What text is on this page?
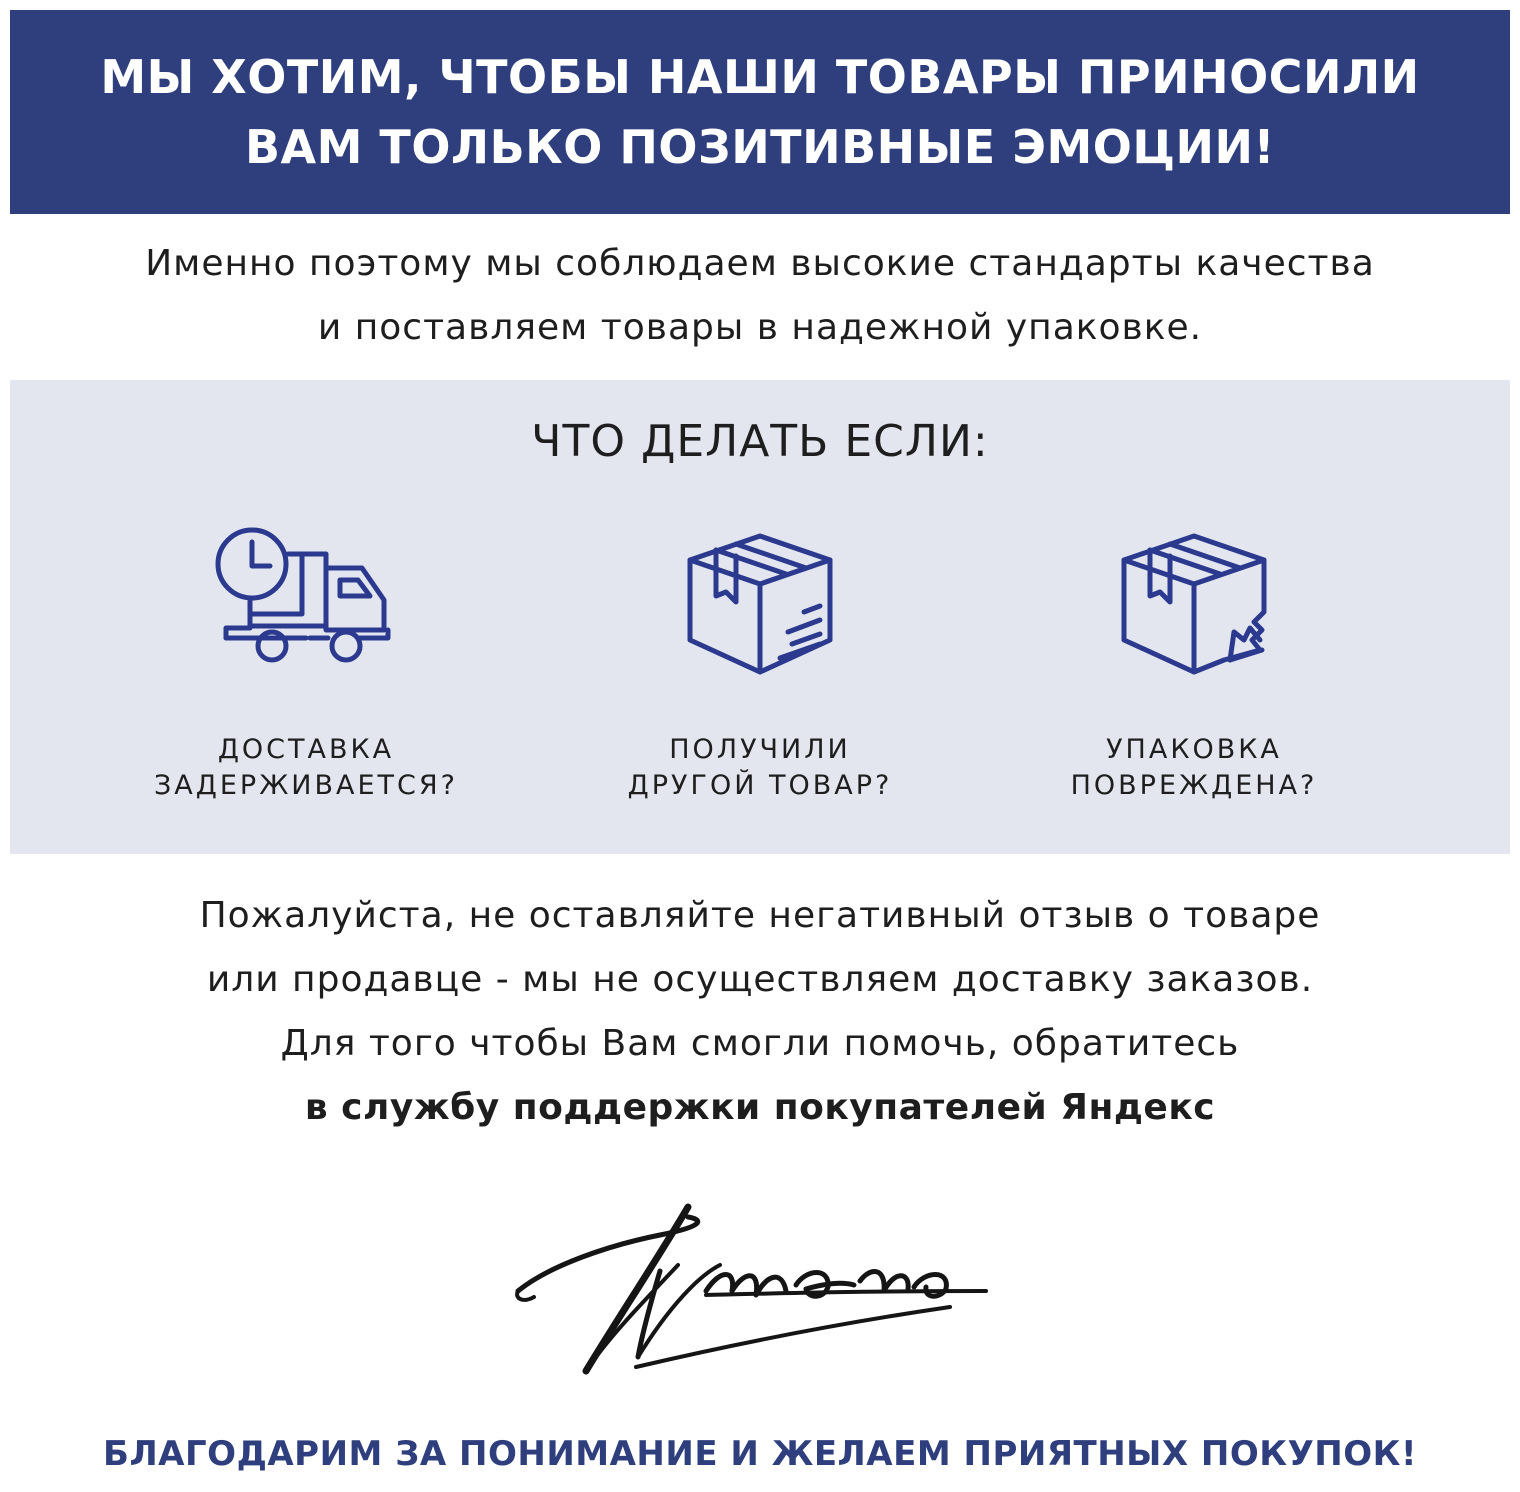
МЫ ХОТИМ, ЧТОБЫ НАШИ ТОВАРЫ ПРИНОСИЛИ
ВАМ ТОЛЬКО ПОЗИТИВНЫЕ ЭМОЦИИ!
Именно поэтому мы соблюдаем высокие стандарты качества
и поставляем товары в надежной упаковке.
ЧТО ДЕЛАТЬ ЕСЛИ:
ДОСТАВКА
ЗАДЕРЖИВАЕТСЯ?
ПОЛУЧИЛИ
ДРУГОЙ ТОВАР?
УПАКОВКА
ПОВРЕЖДЕНА?
Пожалуйста, не оставляйте негативный отзыв о товаре
или продавце - мы не осуществляем доставку заказов.
Для того чтобы Вам смогли помочь, обратитесь
в службу поддержки покупателей Яндекс
БЛАГОДАРИМ ЗА ПОНИМАНИЕ И ЖЕЛАЕМ ПРИЯТНЫХ ПОКУПОК!
